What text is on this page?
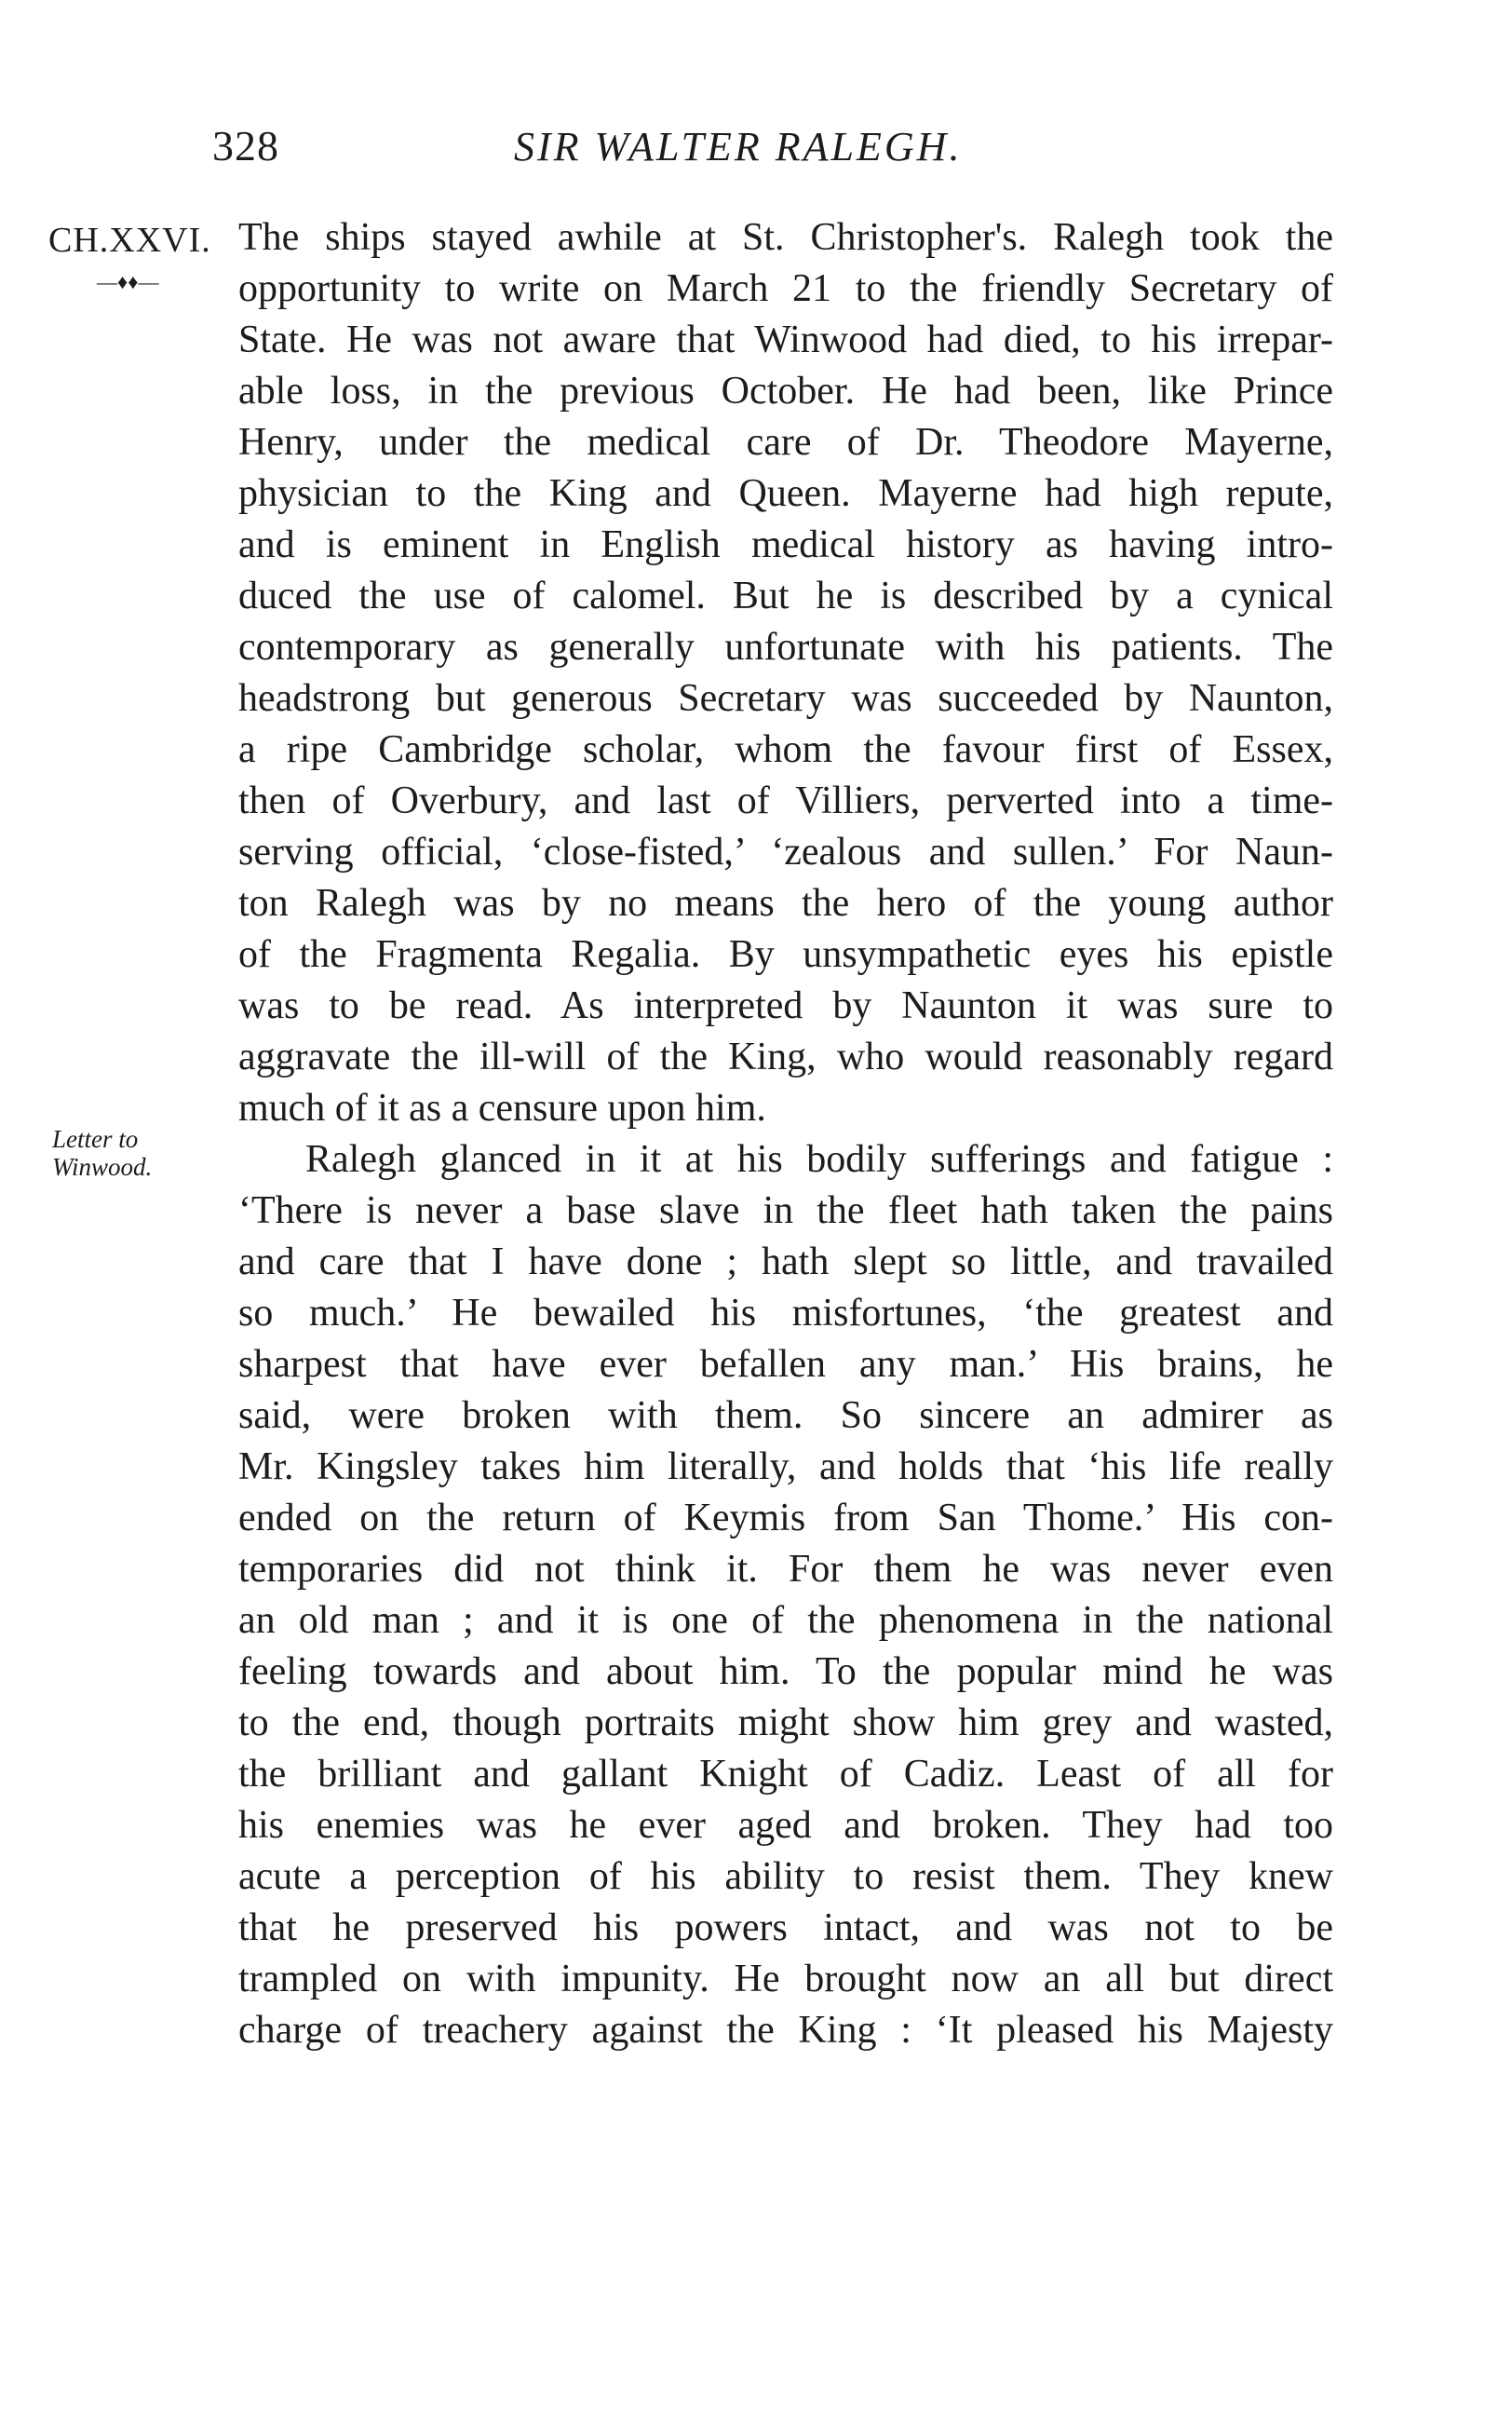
328	SIR WALTER RALEGH.
CH.XXVI.
—♦♦—
Letter to
Winwood.
The ships stayed awhile at St. Christopher's. Ralegh took the
opportunity to write on March 21 to the friendly Secretary of
State. He was not aware that Winwood had died, to his irrepar-
able loss, in the previous October. He had been, like Prince
Henry, under the medical care of Dr. Theodore Mayerne,
physician to the King and Queen. Mayerne had high repute,
and is eminent in English medical history as having intro-
duced the use of calomel. But he is described by a cynical
contemporary as generally unfortunate with his patients. The
headstrong but generous Secretary was succeeded by Naunton,
a ripe Cambridge scholar, whom the favour first of Essex,
then of Overbury, and last of Villiers, perverted into a time-
serving official, ‘close-fisted,’ ‘zealous and sullen.’ For Naun-
ton Ralegh was by no means the hero of the young author
of the Fragmenta Regalia. By unsympathetic eyes his epistle
was to be read. As interpreted by Naunton it was sure to
aggravate the ill-will of the King, who would reasonably regard
much of it as a censure upon him.
Ralegh glanced in it at his bodily sufferings and fatigue :
‘There is never a base slave in the fleet hath taken the pains
and care that I have done ; hath slept so little, and travailed
so much.’ He bewailed his misfortunes, ‘the greatest and
sharpest that have ever befallen any man.’ His brains, he
said, were broken with them. So sincere an admirer as
Mr. Kingsley takes him literally, and holds that ‘his life really
ended on the return of Keymis from San Thome.’ His con-
temporaries did not think it. For them he was never even
an old man ; and it is one of the phenomena in the national
feeling towards and about him. To the popular mind he was
to the end, though portraits might show him grey and wasted,
the brilliant and gallant Knight of Cadiz. Least of all for
his enemies was he ever aged and broken. They had too
acute a perception of his ability to resist them. They knew
that he preserved his powers intact, and was not to be
trampled on with impunity. He brought now an all but direct
charge of treachery against the King : ‘It pleased his Majesty
